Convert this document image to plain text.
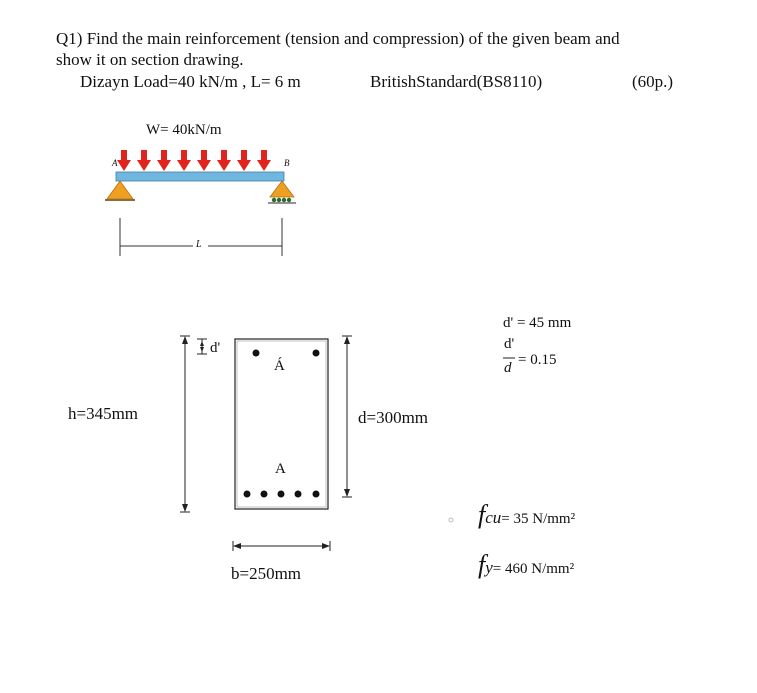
Q1) Find the main reinforcement (tension and compression) of the given beam and
show it on section drawing.
Dizayn Load=40 kN/m , L= 6 m	BritishStandard(BS8110)	(60p.)
W= 40kN/m
A	B
L
h=345mm	d=300mm
b=250mm
d'
Á
A
d' = 45 mm
d'
d = 0.15
fcu= 35 N/mm²
fy= 460 N/mm²
